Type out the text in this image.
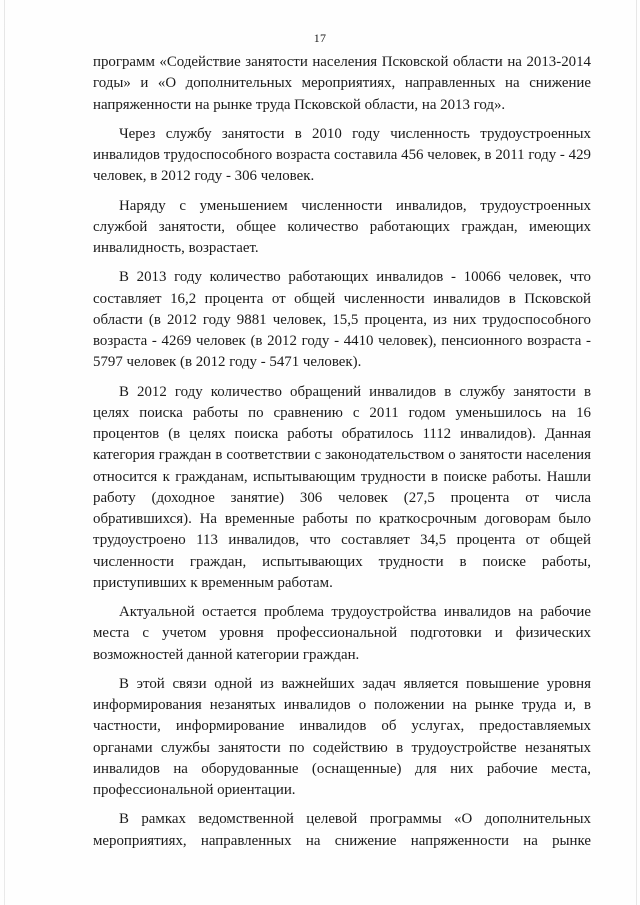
17

программ «Содействие занятости населения Псковской области на 2013-2014 годы» и «О дополнительных мероприятиях, направленных на снижение напряженности на рынке труда Псковской области, на 2013 год».

Через службу занятости в 2010 году численность трудоустроенных инвалидов трудоспособного возраста составила 456 человек, в 2011 году - 429 человек, в 2012 году - 306 человек.

Наряду с уменьшением численности инвалидов, трудоустроенных службой занятости, общее количество работающих граждан, имеющих инвалидность, возрастает.

В 2013 году количество работающих инвалидов - 10066 человек, что составляет 16,2 процента от общей численности инвалидов в Псковской области (в 2012 году 9881 человек, 15,5 процента, из них трудоспособного возраста - 4269 человек (в 2012 году - 4410 человек), пенсионного возраста - 5797 человек (в 2012 году - 5471 человек).

В 2012 году количество обращений инвалидов в службу занятости в целях поиска работы по сравнению с 2011 годом уменьшилось на 16 процентов (в целях поиска работы обратилось 1112 инвалидов). Данная категория граждан в соответствии с законодательством о занятости населения относится к гражданам, испытывающим трудности в поиске работы. Нашли работу (доходное занятие) 306 человек (27,5 процента от числа обратившихся). На временные работы по краткосрочным договорам было трудоустроено 113 инвалидов, что составляет 34,5 процента от общей численности граждан, испытывающих трудности в поиске работы, приступивших к временным работам.

Актуальной остается проблема трудоустройства инвалидов на рабочие места с учетом уровня профессиональной подготовки и физических возможностей данной категории граждан.

В этой связи одной из важнейших задач является повышение уровня информирования незанятых инвалидов о положении на рынке труда и, в частности, информирование инвалидов об услугах, предоставляемых органами службы занятости по содействию в трудоустройстве незанятых инвалидов на оборудованные (оснащенные) для них рабочие места, профессиональной ориентации.

В рамках ведомственной целевой программы «О дополнительных мероприятиях, направленных на снижение напряженности на рынке
